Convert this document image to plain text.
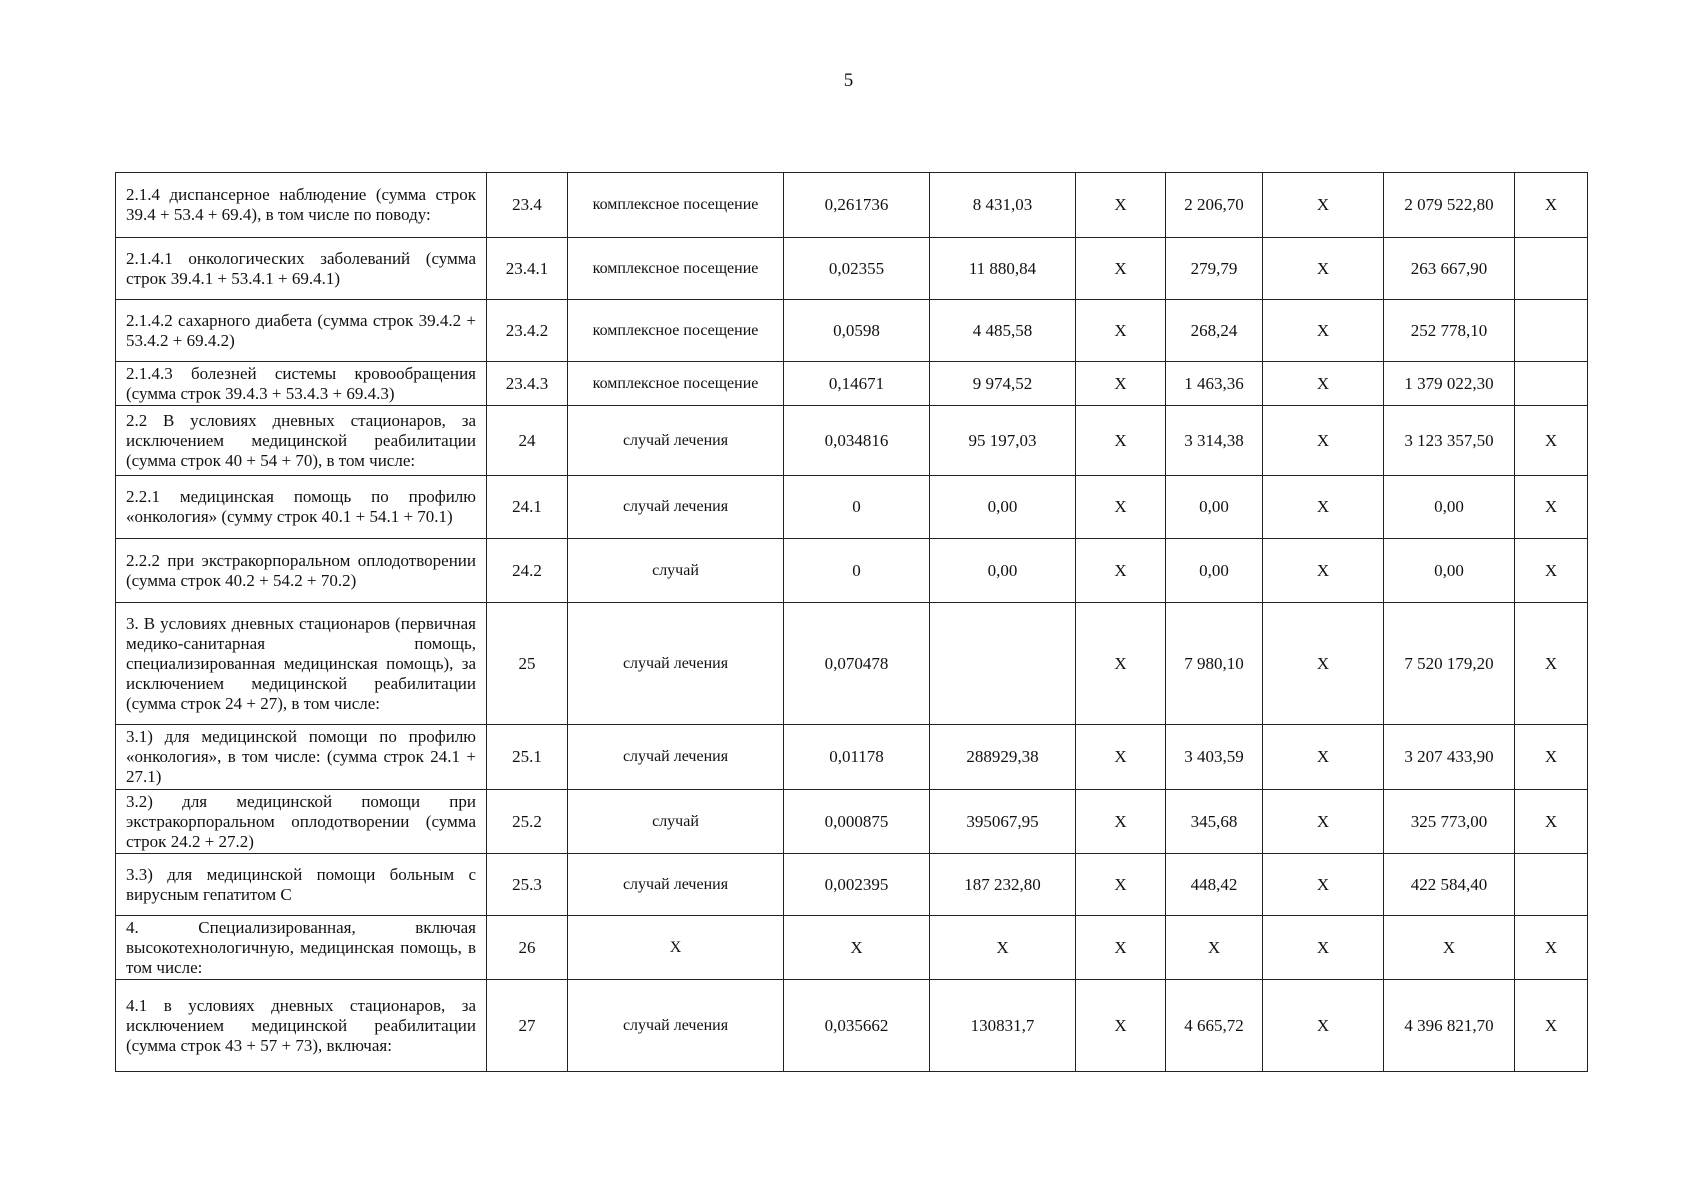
5
2.1.4 диспансерное наблюдение (сумма строк 39.4 + 53.4 + 69.4), в том числе по поводу:	23.4	комплексное посещение	0,261736	8 431,03	Х	2 206,70	Х	2 079 522,80	Х
2.1.4.1 онкологических заболеваний (сумма строк 39.4.1 + 53.4.1 + 69.4.1)	23.4.1	комплексное посещение	0,02355	11 880,84	Х	279,79	Х	263 667,90	
2.1.4.2 сахарного диабета (сумма строк 39.4.2 + 53.4.2 + 69.4.2)	23.4.2	комплексное посещение	0,0598	4 485,58	Х	268,24	Х	252 778,10	
2.1.4.3 болезней системы кровообращения (сумма строк 39.4.3 + 53.4.3 + 69.4.3)	23.4.3	комплексное посещение	0,14671	9 974,52	Х	1 463,36	Х	1 379 022,30	
2.2 В условиях дневных стационаров, за исключением медицинской реабилитации (сумма строк 40 + 54 + 70), в том числе:	24	случай лечения	0,034816	95 197,03	Х	3 314,38	Х	3 123 357,50	Х
2.2.1 медицинская помощь по профилю «онкология» (сумму строк 40.1 + 54.1 + 70.1)	24.1	случай лечения	0	0,00	Х	0,00	Х	0,00	Х
2.2.2 при экстракорпоральном оплодотворении (сумма строк 40.2 + 54.2 + 70.2)	24.2	случай	0	0,00	Х	0,00	Х	0,00	Х
3. В условиях дневных стационаров (первичная медико-санитарная помощь, специализированная медицинская помощь), за исключением медицинской реабилитации (сумма строк 24 + 27), в том числе:	25	случай лечения	0,070478		Х	7 980,10	Х	7 520 179,20	Х
3.1) для медицинской помощи по профилю «онкология», в том числе: (сумма строк 24.1 + 27.1)	25.1	случай лечения	0,01178	288929,38	Х	3 403,59	Х	3 207 433,90	Х
3.2) для медицинской помощи при экстракорпоральном оплодотворении (сумма строк 24.2 + 27.2)	25.2	случай	0,000875	395067,95	Х	345,68	Х	325 773,00	Х
3.3) для медицинской помощи больным с вирусным гепатитом С	25.3	случай лечения	0,002395	187 232,80	Х	448,42	Х	422 584,40	
4. Специализированная, включая высокотехнологичную, медицинская помощь, в том числе:	26	Х	Х	Х	Х	Х	Х	Х	Х
4.1 в условиях дневных стационаров, за исключением медицинской реабилитации (сумма строк 43 + 57 + 73), включая:	27	случай лечения	0,035662	130831,7	Х	4 665,72	Х	4 396 821,70	Х
